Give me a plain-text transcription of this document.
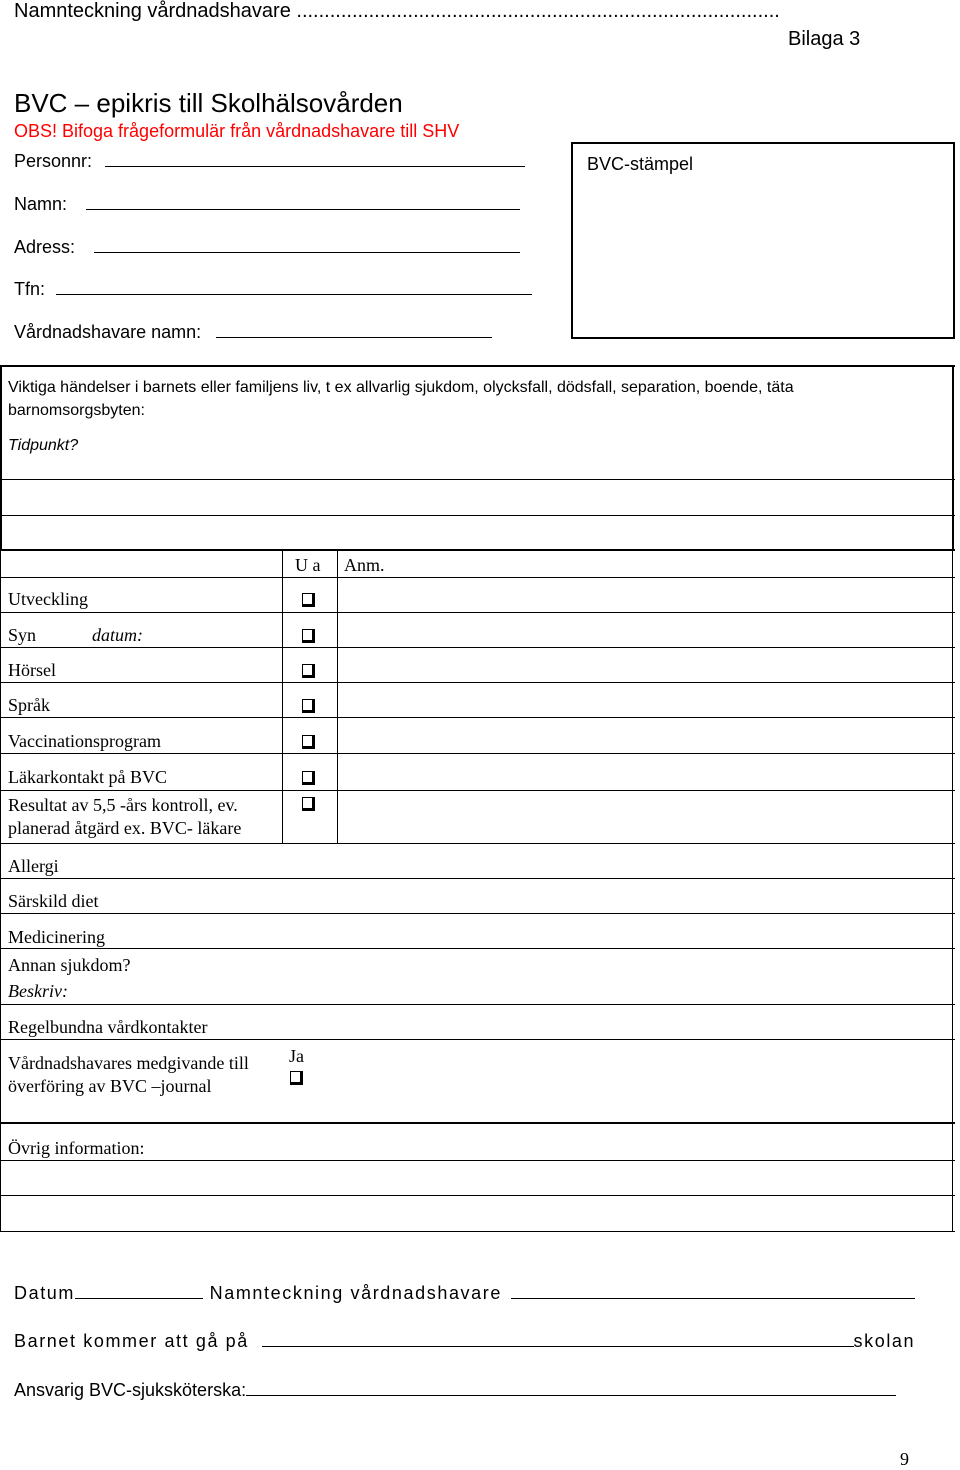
Namnteckning vårdnadshavare .......................................................................................
Bilaga 3
BVC – epikris till Skolhälsovården
OBS! Bifoga frågeformulär från vårdnadshavare till SHV
Personnr:
Namn:
Adress:
Tfn:
Vårdnadshavare namn:
BVC-stämpel
Viktiga händelser i barnets eller familjens liv, t ex allvarlig sjukdom, olycksfall, dödsfall, separation, boende, täta
barnomsorgsbyten:
Tidpunkt?
U a Anm.
Utveckling
Syn	datum:
Hörsel
Språk
Vaccinationsprogram
Läkarkontakt på BVC
Resultat av 5,5 -års kontroll, ev.
planerad åtgärd ex. BVC- läkare
Allergi
Särskild diet
Medicinering
Annan sjukdom?
Beskriv:
Regelbundna vårdkontakter
Vårdnadshavares medgivande till
överföring av BVC –journal
Ja
Övrig information:
Datum	Namnteckning vårdnadshavare
Barnet kommer att gå på	skolan
Ansvarig BVC-sjuksköterska:
9
